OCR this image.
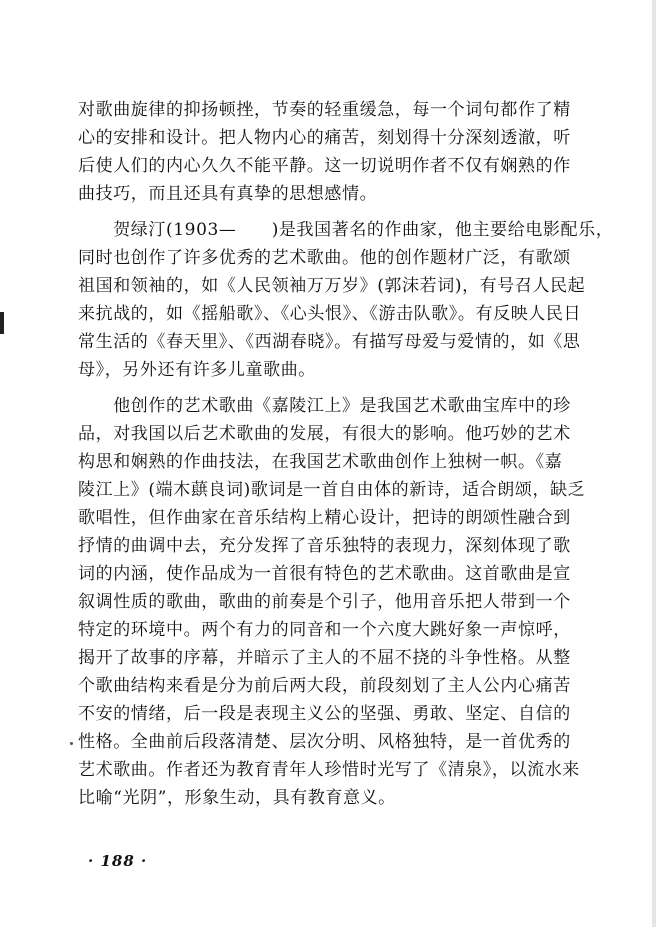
对歌曲旋律的抑扬顿挫，节奏的轻重缓急，每一个词句都作了精
心的安排和设计。把人物内心的痛苦，刻划得十分深刻透澈，听
后使人们的内心久久不能平静。这一切说明作者不仅有娴熟的作
曲技巧，而且还具有真挚的思想感情。
　　贺绿汀(1903—　　)是我国著名的作曲家，他主要给电影配乐，
同时也创作了许多优秀的艺术歌曲。他的创作题材广泛，有歌颂
祖国和领袖的，如《人民领袖万万岁》(郭沫若词)，有号召人民起
来抗战的，如《摇船歌》、《心头恨》、《游击队歌》。有反映人民日
常生活的《春天里》、《西湖春晓》。有描写母爱与爱情的，如《思
母》，另外还有许多儿童歌曲。
　　他创作的艺术歌曲《嘉陵江上》是我国艺术歌曲宝库中的珍
品，对我国以后艺术歌曲的发展，有很大的影响。他巧妙的艺术
构思和娴熟的作曲技法，在我国艺术歌曲创作上独树一帜。《嘉
陵江上》(端木蕻良词)歌词是一首自由体的新诗，适合朗颂，缺乏
歌唱性，但作曲家在音乐结构上精心设计，把诗的朗颂性融合到
抒情的曲调中去，充分发挥了音乐独特的表现力，深刻体现了歌
词的内涵，使作品成为一首很有特色的艺术歌曲。这首歌曲是宣
叙调性质的歌曲，歌曲的前奏是个引子，他用音乐把人带到一个
特定的环境中。两个有力的同音和一个六度大跳好象一声惊呼，
揭开了故事的序幕，并暗示了主人的不屈不挠的斗争性格。从整
个歌曲结构来看是分为前后两大段，前段刻划了主人公内心痛苦
不安的情绪，后一段是表现主义公的坚强、勇敢、坚定、自信的
性格。全曲前后段落清楚、层次分明、风格独特，是一首优秀的
艺术歌曲。作者还为教育青年人珍惜时光写了《清泉》，以流水来
比喻“光阴”，形象生动，具有教育意义。
· 188 ·
